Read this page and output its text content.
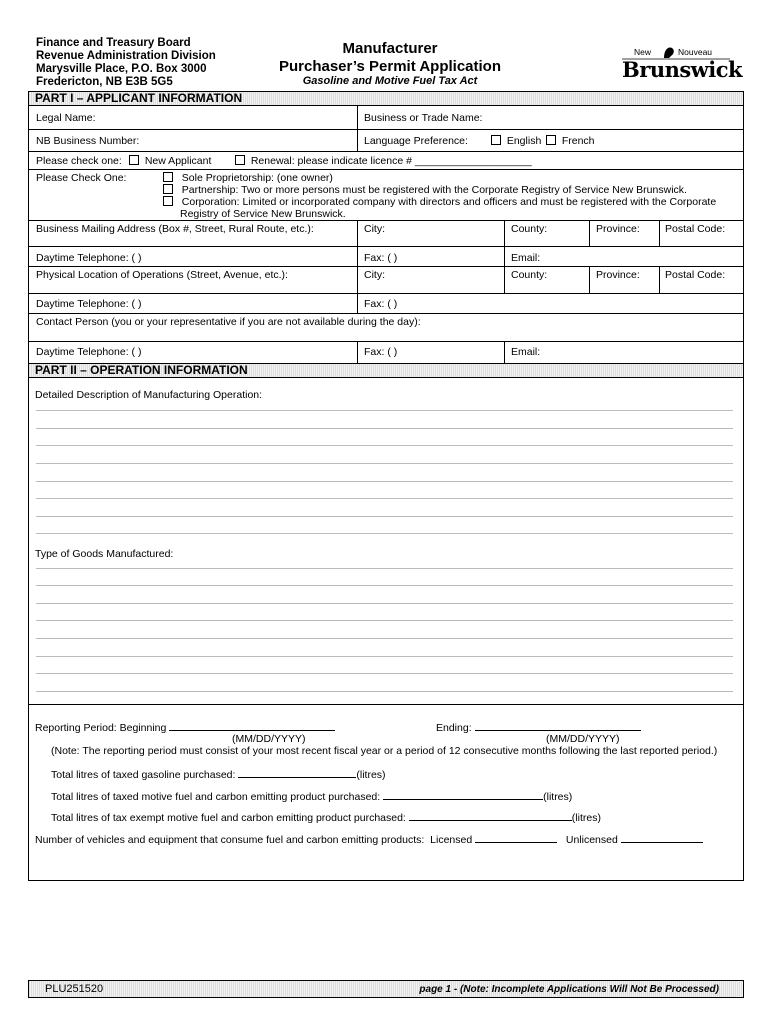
Finance and Treasury Board
Revenue Administration Division
Marysville Place, P.O. Box 3000
Fredericton, NB E3B 5G5
Manufacturer
Purchaser’s Permit Application
Gasoline and Motive Fuel Tax Act
New	Nouveau
Brunswick
PART I – APPLICANT INFORMATION
Legal Name:	Business or Trade Name:
NB Business Number:	Language Preference:	English	French
Please check one:	New Applicant	Renewal: please indicate licence # ____________________
Please Check One:	Sole Proprietorship: (one owner)
Partnership: Two or more persons must be registered with the Corporate Registry of Service New Brunswick.
Corporation: Limited or incorporated company with directors and officers and must be registered with the Corporate
Registry of Service New Brunswick.
Business Mailing Address (Box #, Street, Rural Route, etc.):	City:	County:	Province: Postal Code:
Daytime Telephone: ( )	Fax: ( )	Email:
Physical Location of Operations (Street, Avenue, etc.):	City:	County:	Province: Postal Code:
Daytime Telephone: ( )	Fax: ( )
Contact Person (you or your representative if you are not available during the day):
Daytime Telephone: ( )	Fax: ( )	Email:
PART II – OPERATION INFORMATION
Detailed Description of Manufacturing Operation:
Type of Goods Manufactured:
Reporting Period: Beginning
(MM/DD/YYYY)
Ending:
(MM/DD/YYYY)
(Note: The reporting period must consist of your most recent fiscal year or a period of 12 consecutive months following the last reported period.)
Total litres of taxed gasoline purchased:	(litres)
Total litres of taxed motive fuel and carbon emitting product purchased:	(litres)
Total litres of tax exempt motive fuel and carbon emitting product purchased:	(litres)
Number of vehicles and equipment that consume fuel and carbon emitting products: Licensed	Unlicensed
PLU251520	page 1 - (Note: Incomplete Applications Will Not Be Processed)
